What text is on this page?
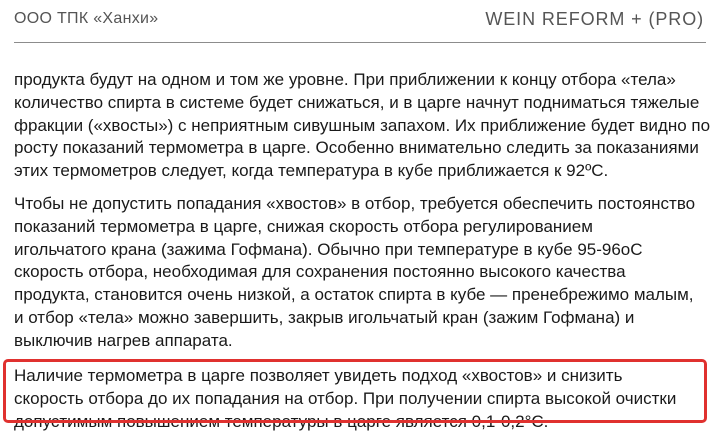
ООО ТПК «Ханхи»	WEIN REFORM + (PRO)

продукта будут на одном и том же уровне. При приближении к концу отбора «тела»
количество спирта в системе будет снижаться, и в царге начнут подниматься тяжелые
фракции («хвосты») с неприятным сивушным запахом. Их приближение будет видно по
росту показаний термометра в царге. Особенно внимательно следить за показаниями
этих термометров следует, когда температура в кубе приближается к 92ºС.

Чтобы не допустить попадания «хвостов» в отбор, требуется обеспечить постоянство
показаний термометра в царге, снижая скорость отбора регулированием
игольчатого крана (зажима Гофмана). Обычно при температуре в кубе 95-96оС
скорость отбора, необходимая для сохранения постоянно высокого качества
продукта, становится очень низкой, а остаток спирта в кубе — пренебрежимо малым,
и отбор «тела» можно завершить, закрыв игольчатый кран (зажим Гофмана) и
выключив нагрев аппарата.

Наличие термометра в царге позволяет увидеть подход «хвостов» и снизить
скорость отбора до их попадания на отбор. При получении спирта высокой очистки
допустимым повышением температуры в царге является 0,1-0,2°С.
